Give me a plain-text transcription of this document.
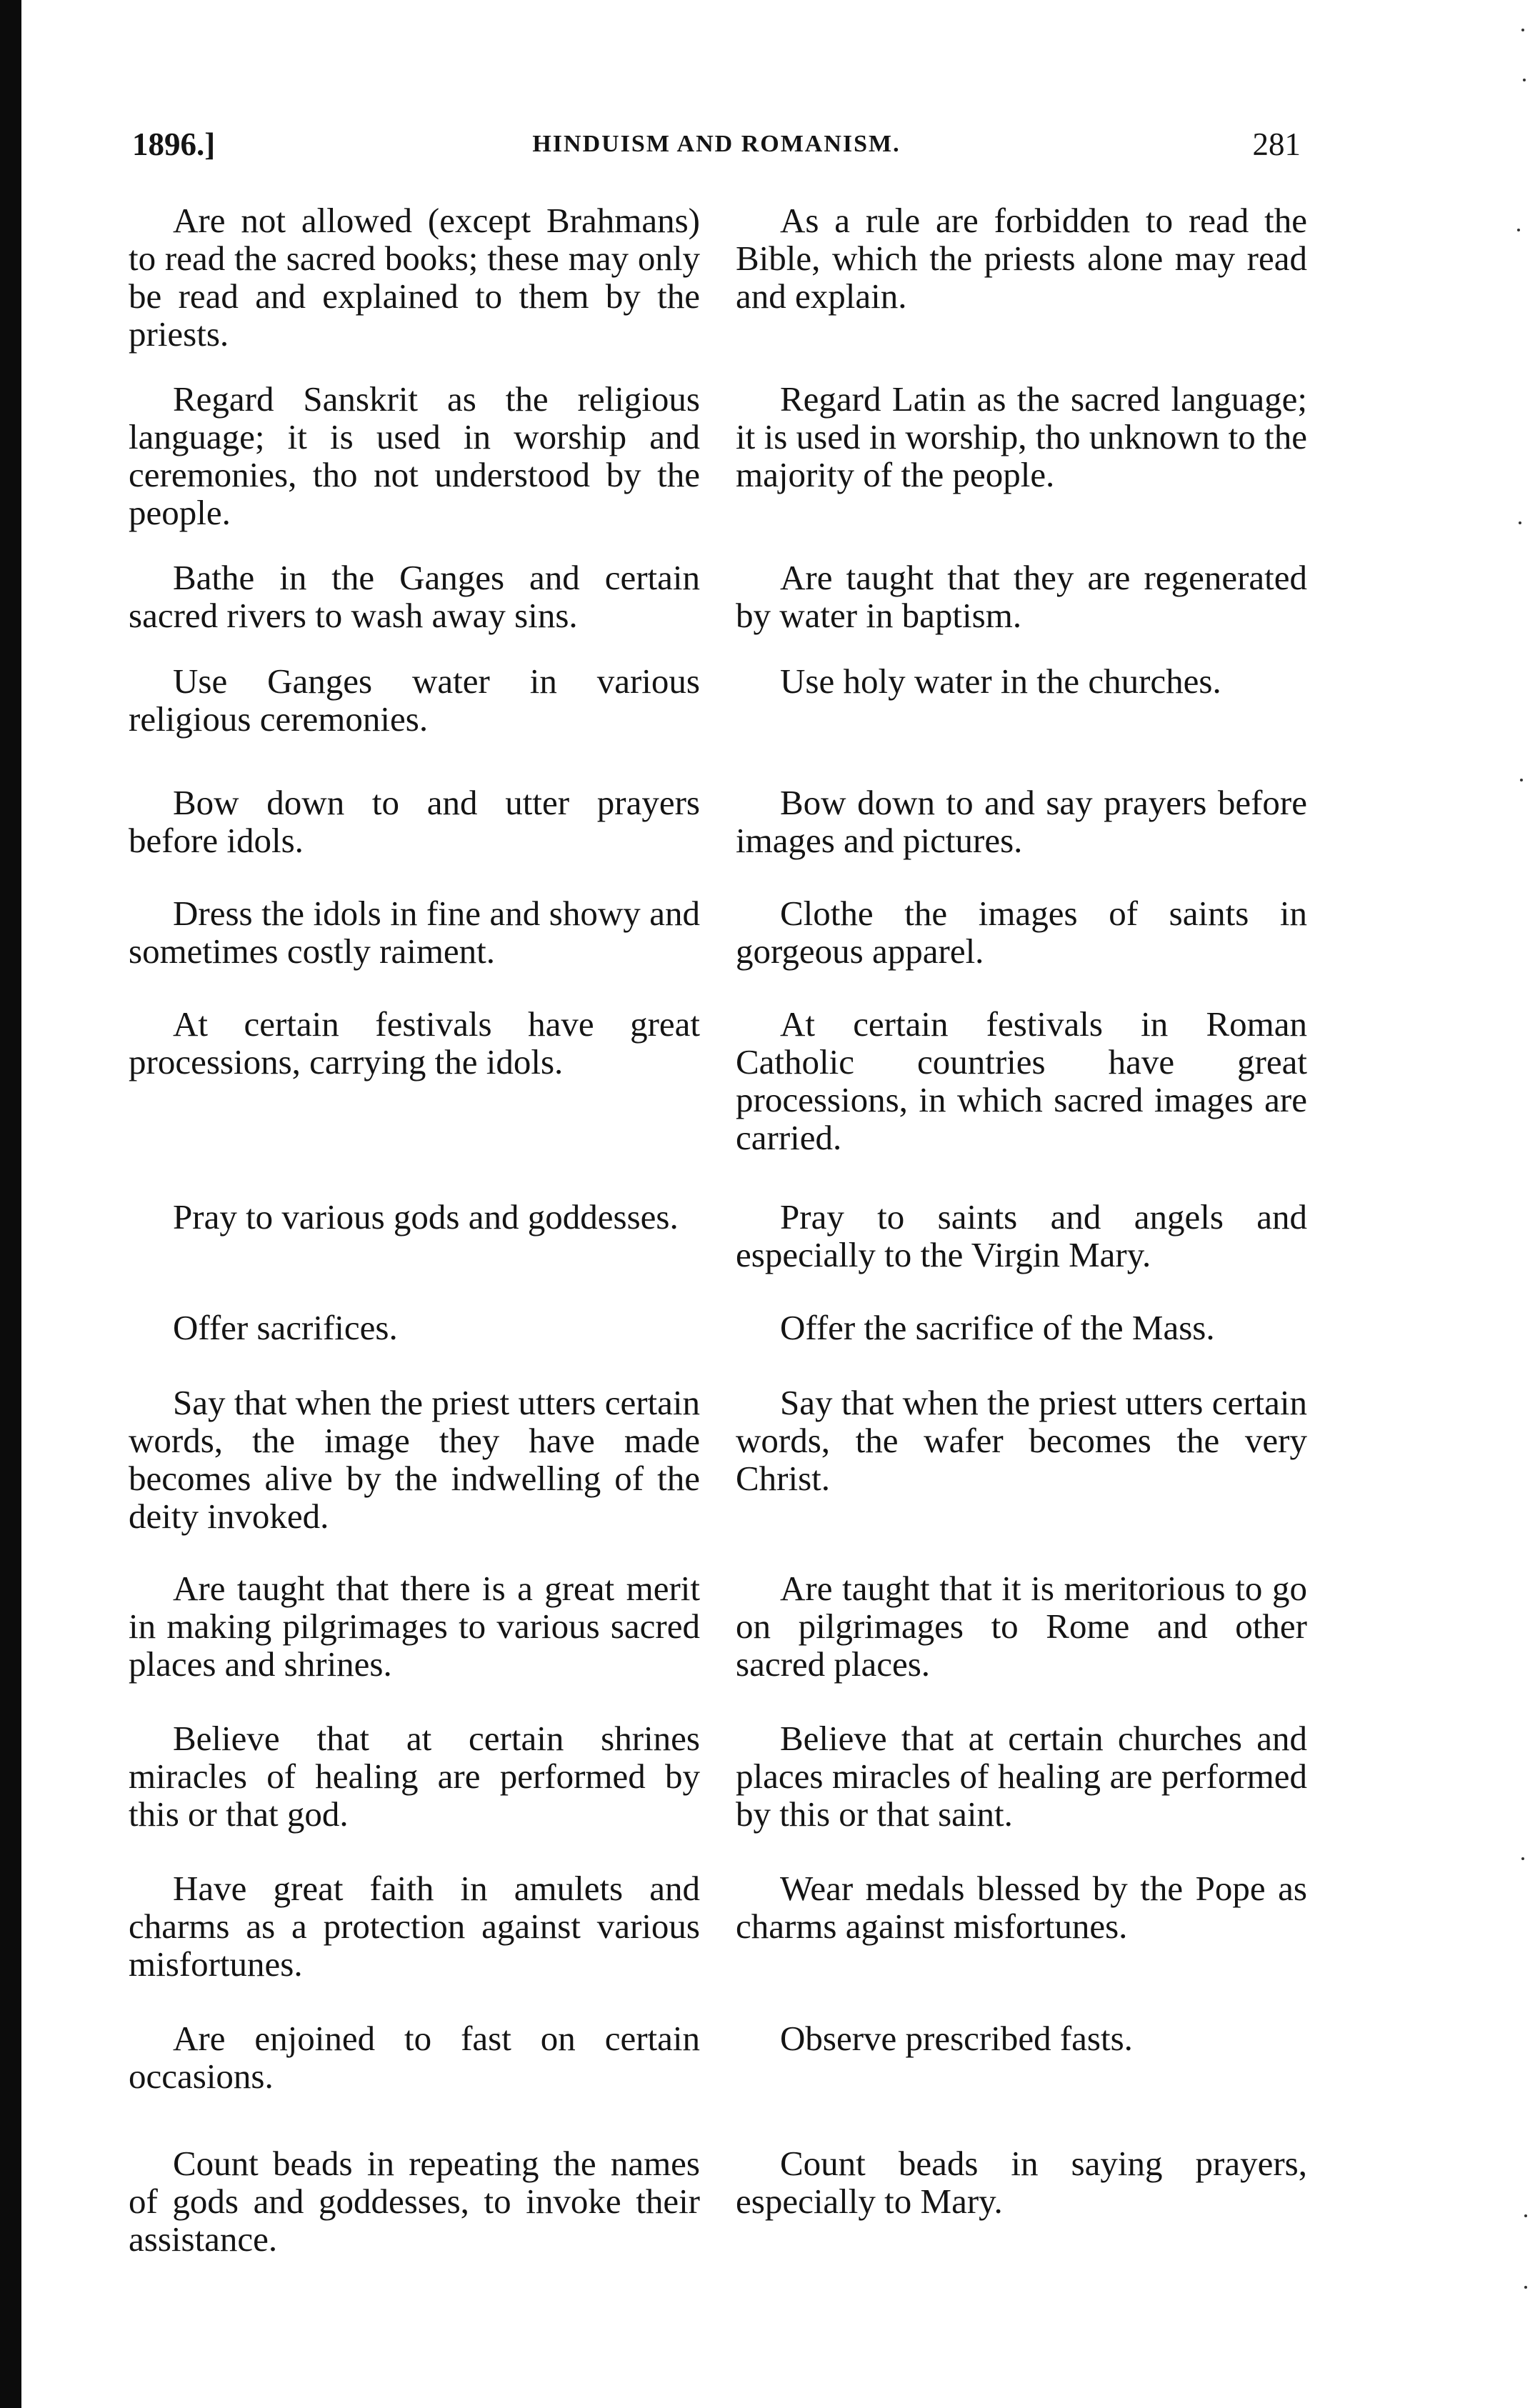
1896.]	HINDUISM AND ROMANISM.	281

Are not allowed (except Brahmans) to read the sacred books; these may only be read and explained to them by the priests.

Regard Sanskrit as the religious language; it is used in worship and ceremonies, tho not understood by the people.

Bathe in the Ganges and certain sacred rivers to wash away sins.

Use Ganges water in various religious ceremonies.

Bow down to and utter prayers before idols.

Dress the idols in fine and showy and sometimes costly raiment.

At certain festivals have great processions, carrying the idols.

Pray to various gods and goddesses.

Offer sacrifices.

Say that when the priest utters certain words, the image they have made becomes alive by the indwelling of the deity invoked.

Are taught that there is a great merit in making pilgrimages to various sacred places and shrines.

Believe that at certain shrines miracles of healing are performed by this or that god.

Have great faith in amulets and charms as a protection against various misfortunes.

Are enjoined to fast on certain occasions.

Count beads in repeating the names of gods and goddesses, to invoke their assistance.

As a rule are forbidden to read the Bible, which the priests alone may read and explain.

Regard Latin as the sacred language; it is used in worship, tho unknown to the majority of the people.

Are taught that they are regenerated by water in baptism.

Use holy water in the churches.

Bow down to and say prayers before images and pictures.

Clothe the images of saints in gorgeous apparel.

At certain festivals in Roman Catholic countries have great processions, in which sacred images are carried.

Pray to saints and angels and especially to the Virgin Mary.

Offer the sacrifice of the Mass.

Say that when the priest utters certain words, the wafer becomes the very Christ.

Are taught that it is meritorious to go on pilgrimages to Rome and other sacred places.

Believe that at certain churches and places miracles of healing are performed by this or that saint.

Wear medals blessed by the Pope as charms against misfortunes.

Observe prescribed fasts.

Count beads in saying prayers, especially to Mary.
